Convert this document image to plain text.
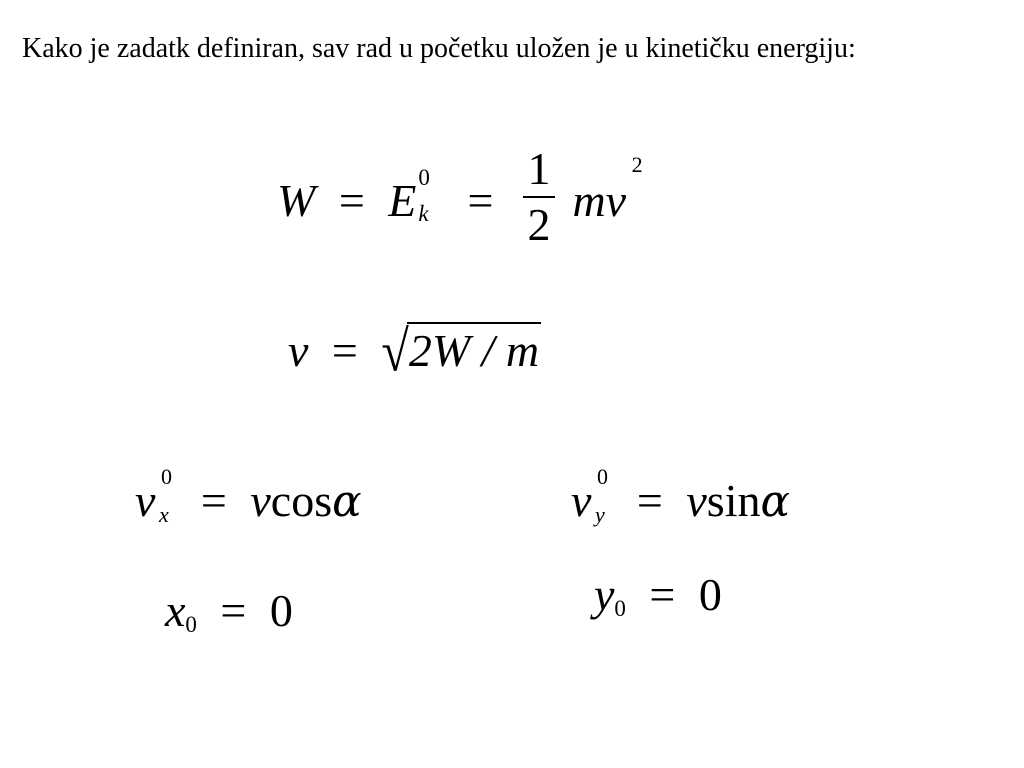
Kako je zadatk definiran, sav rad u početku uložen je u kinetičku energiju:

W = E 0
$k = \frac{1}{2}$ mv
2
v = √2W / m
v 0
x = vcosα	v 0
y = vsinα
$x_0 = 0$	$y_0 = 0$
